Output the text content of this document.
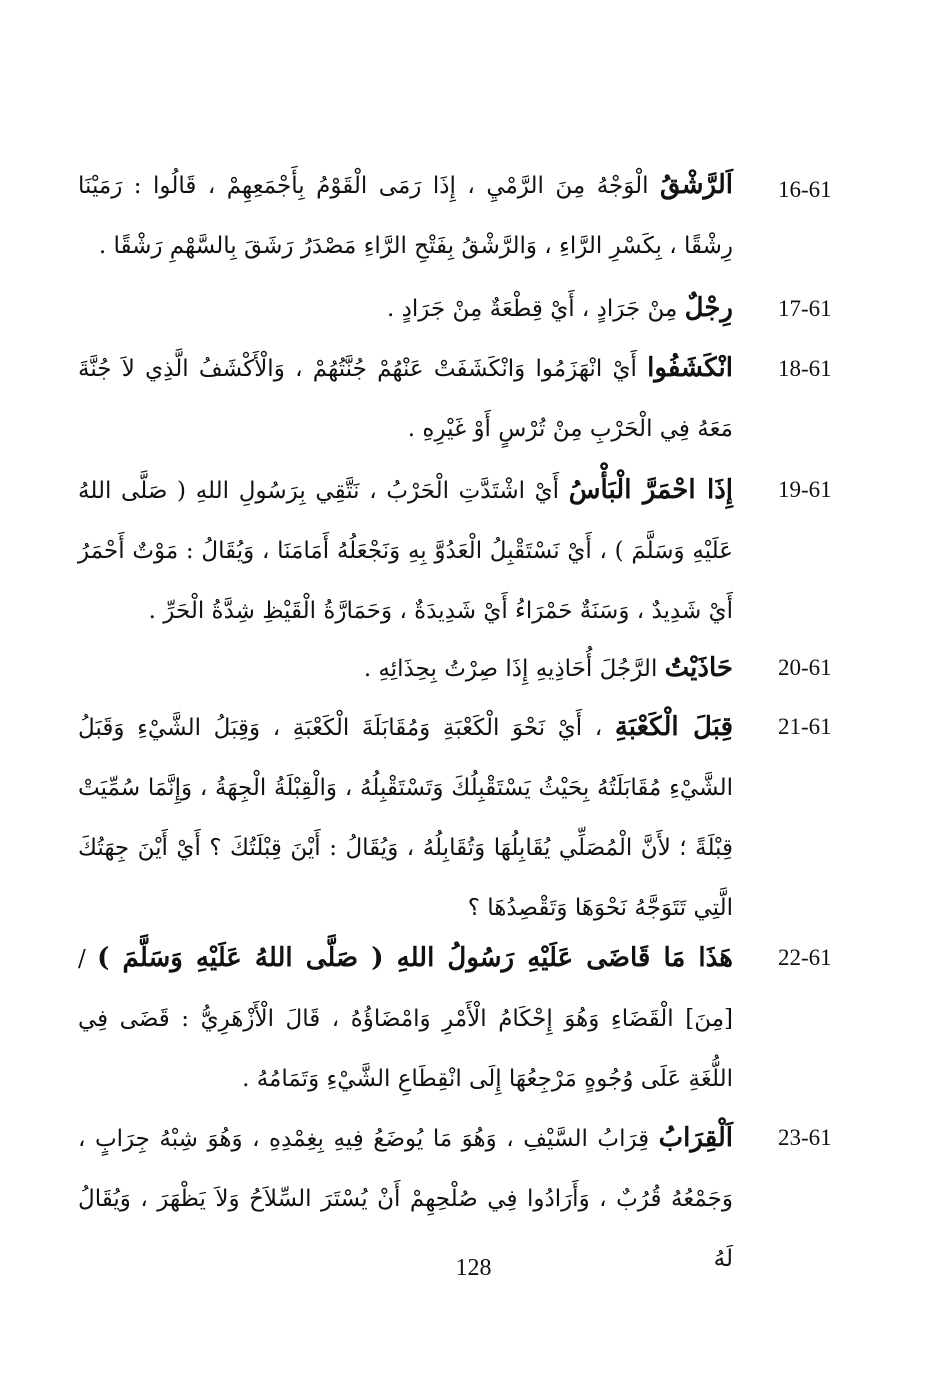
16-61
اَلرَّشْقُ الْوَجْهُ مِنَ الرَّمْيِ ، إِذَا رَمَى الْقَوْمُ بِأَجْمَعِهِمْ ، قَالُوا : رَمَيْنَا رِشْقًا ، بِكَسْرِ الرَّاءِ ، وَالرَّشْقُ بِفَتْحِ الرَّاءِ مَصْدَرُ رَشَقَ بِالسَّهْمِ رَشْقًا .
17-61
رِجْلٌ مِنْ جَرَادٍ ، أَيْ قِطْعَةٌ مِنْ جَرَادٍ .
18-61
انْكَشَفُوا أَيْ انْهَزَمُوا وَانْكَشَفَتْ عَنْهُمْ جُنَّتُهُمْ ، وَالْأَكْشَفُ الَّذِي لاَ جُنَّةَ مَعَهُ فِي الْحَرْبِ مِنْ تُرْسٍ أَوْ غَيْرِهِ .
19-61
إِذَا احْمَرَّ الْبَأْسُ أَيْ اشْتَدَّتِ الْحَرْبُ ، نَتَّقِي بِرَسُولِ اللهِ ( صَلَّى اللهُ عَلَيْهِ وَسَلَّمَ ) ، أَيْ نَسْتَقْبِلُ الْعَدُوَّ بِهِ وَنَجْعَلُهُ أَمَامَنَا ، وَيُقَالُ : مَوْتٌ أَحْمَرُ أَيْ شَدِيدٌ ، وَسَنَةٌ حَمْرَاءُ أَيْ شَدِيدَةٌ ، وَحَمَارَّةُ الْقَيْظِ شِدَّةُ الْحَرِّ .
20-61
حَاذَيْتُ الرَّجُلَ أُحَاذِيهِ إِذَا صِرْتُ بِحِذَائِهِ .
21-61
قِبَلَ الْكَعْبَةِ ، أَيْ نَحْوَ الْكَعْبَةِ وَمُقَابَلَةَ الْكَعْبَةِ ، وَقِبَلُ الشَّيْءِ وَقَبَلُ الشَّيْءِ مُقَابَلَتُهُ بِحَيْثُ يَسْتَقْبِلُكَ وَتَسْتَقْبِلُهُ ، وَالْقِبْلَةُ الْجِهَةُ ، وَإِنَّمَا سُمِّيَتْ قِبْلَةً ؛ لأَنَّ الْمُصَلِّي يُقَابِلُهَا وَتُقَابِلُهُ ، وَيُقَالُ : أَيْنَ قِبْلَتُكَ ؟ أَيْ أَيْنَ جِهَتُكَ الَّتِي تَتَوَجَّهُ نَحْوَهَا وَتَقْصِدُهَا ؟
22-61
هَذَا مَا قَاضَى عَلَيْهِ رَسُولُ اللهِ ( صَلَّى اللهُ عَلَيْهِ وَسَلَّمَ ) / [مِنَ] الْقَضَاءِ وَهُوَ إِحْكَامُ الْأَمْرِ وَامْضَاؤُهُ ، قَالَ الْأَزْهَرِيُّ : قَضَى فِي اللُّغَةِ عَلَى وُجُوهٍ مَرْجِعُهَا إِلَى انْقِطَاعِ الشَّيْءِ وَتَمَامُهُ .
23-61
اَلْقِرَابُ قِرَابُ السَّيْفِ ، وَهُوَ مَا يُوضَعُ فِيهِ بِغِمْدِهِ ، وَهُوَ شِبْهُ جِرَابٍ ، وَجَمْعُهُ قُرُبٌ ، وَأَرَادُوا فِي صُلْحِهِمْ أَنْ يُسْتَرَ السِّلاَحُ وَلاَ يَظْهَرَ ، وَيُقَالُ لَهُ
128
